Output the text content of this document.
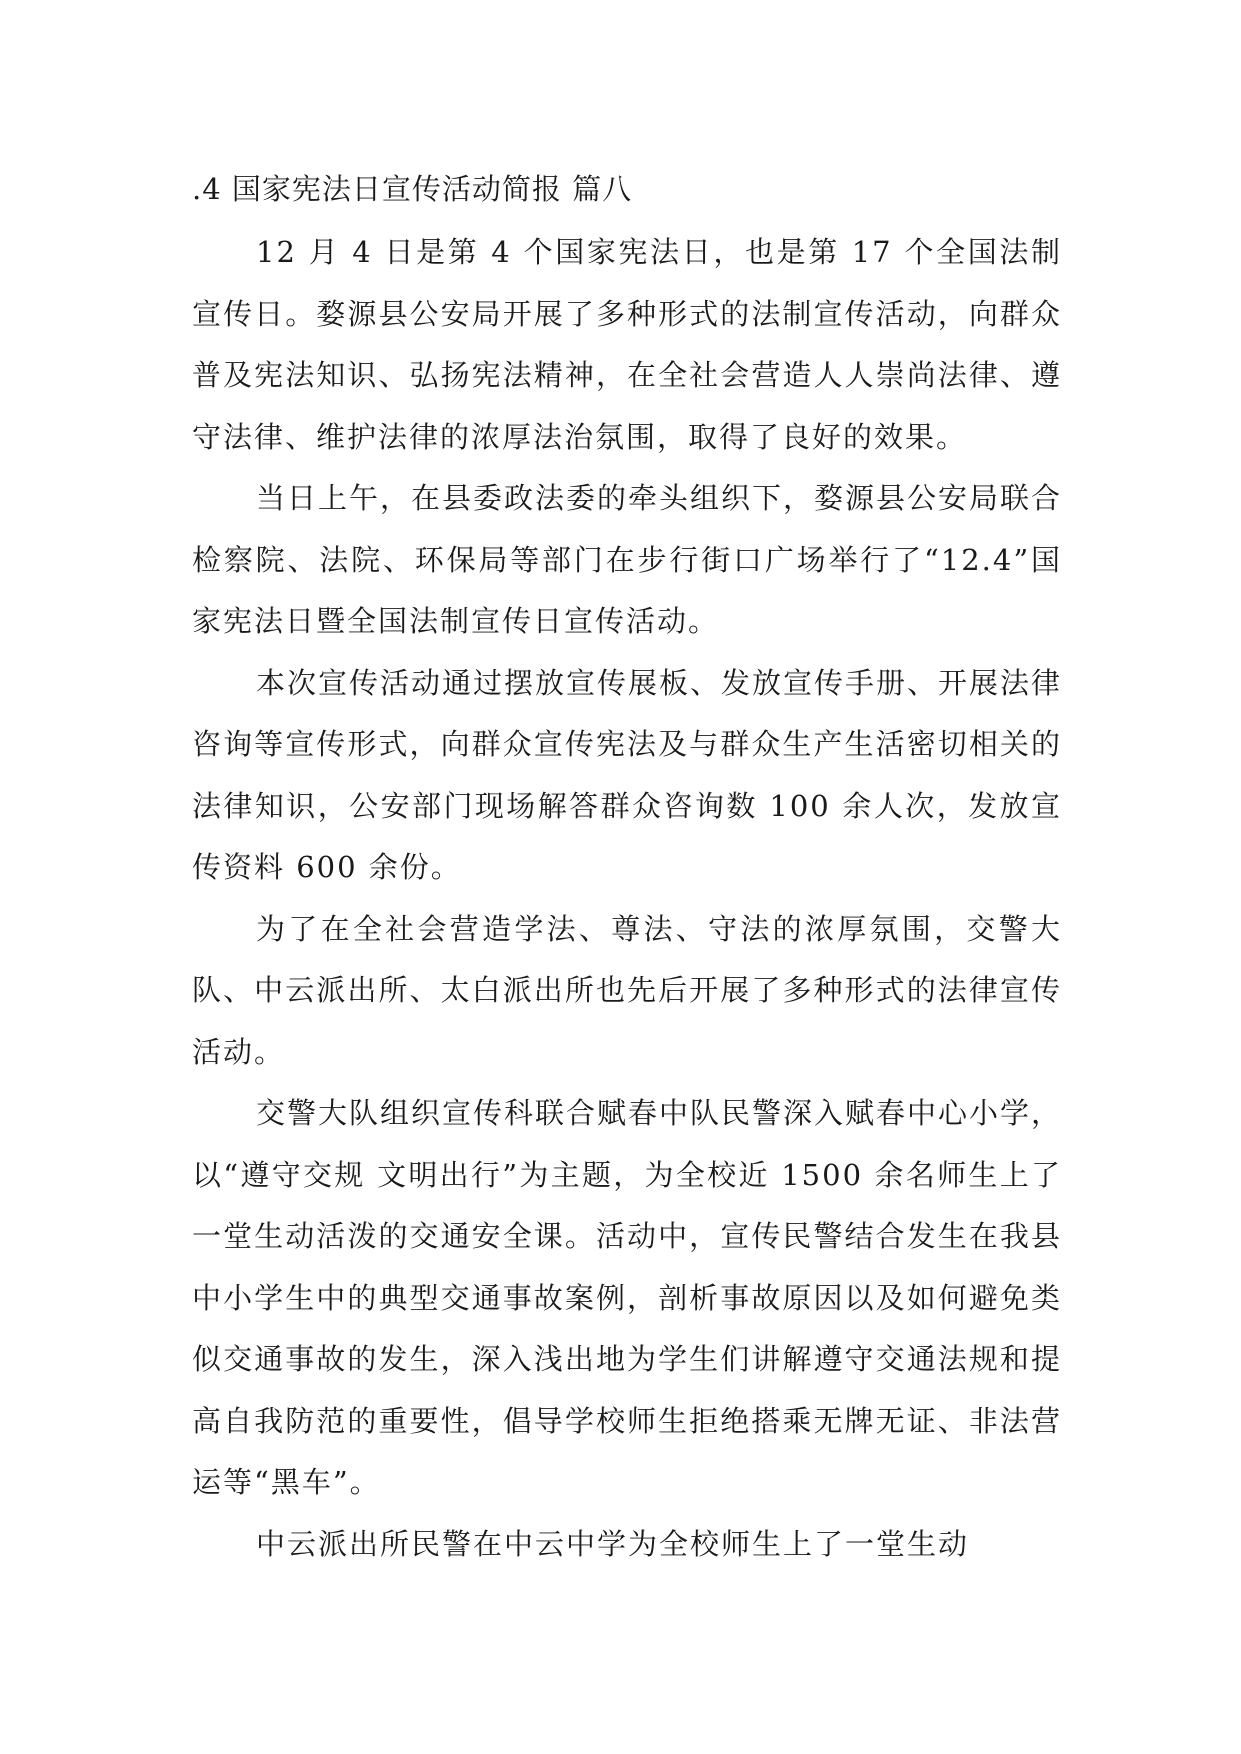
.4 国家宪法日宣传活动简报 篇八

12 月 4 日是第 4 个国家宪法日，也是第 17 个全国法制宣传日。婺源县公安局开展了多种形式的法制宣传活动，向群众普及宪法知识、弘扬宪法精神，在全社会营造人人崇尚法律、遵守法律、维护法律的浓厚法治氛围，取得了良好的效果。

当日上午，在县委政法委的牵头组织下，婺源县公安局联合检察院、法院、环保局等部门在步行街口广场举行了“12.4”国家宪法日暨全国法制宣传日宣传活动。

本次宣传活动通过摆放宣传展板、发放宣传手册、开展法律咨询等宣传形式，向群众宣传宪法及与群众生产生活密切相关的法律知识，公安部门现场解答群众咨询数 100 余人次，发放宣传资料 600 余份。

为了在全社会营造学法、尊法、守法的浓厚氛围，交警大队、中云派出所、太白派出所也先后开展了多种形式的法律宣传活动。

交警大队组织宣传科联合赋春中队民警深入赋春中心小学，以“遵守交规 文明出行”为主题，为全校近 1500 余名师生上了一堂生动活泼的交通安全课。活动中，宣传民警结合发生在我县中小学生中的典型交通事故案例，剖析事故原因以及如何避免类似交通事故的发生，深入浅出地为学生们讲解遵守交通法规和提高自我防范的重要性，倡导学校师生拒绝搭乘无牌无证、非法营运等“黑车”。

中云派出所民警在中云中学为全校师生上了一堂生动
